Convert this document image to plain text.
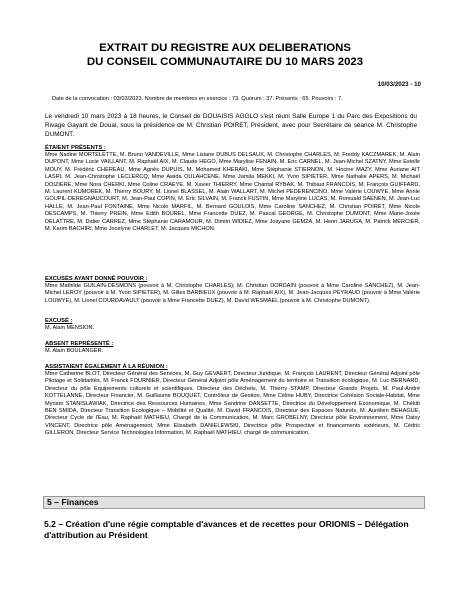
EXTRAIT DU REGISTRE AUX DELIBERATIONS

DU CONSEIL COMMUNAUTAIRE DU 10 MARS 2023

10/03/2023 - 10
Date de la convocation : 03/03/2023. Nombre de membres en exercice : 73. Quorum : 37. Présents : 65. Pouvoirs : 7.

Le vendredi 10 mars 2023 à 18 heures, le Conseil de DOUAISIS AGGLO s'est réuni Salle Europe 1 du Parc des Expositions du Rivage Gayant de Douai, sous la présidence de M. Christian POIRET, Président, avec pour Secrétaire de séance M. Christophe DUMONT.

ÉTAIENT PRÉSENTS :

Mme Nadine MORTELETTE, M. Bruno VANDEVILLE, Mme Lisiane DUBUS DELSAUX, M. Christophe CHARLES, M. Freddy KACZMAREK, M. Alain DUPONT, Mme Lucie VAILLANT, M. Raphaël AIX, M. Claude HEGO, Mme Marylise FENAIN, M. Eric CARNEL, M. Jean-Michel SZATNY, Mme Estelle MOUY, M. Frédéric CHEREAU, Mme Agnès DUPUIS, M. Mohamed KHERAKI, Mme Stéphanie STIERNON, M. Hocine MAZY, Mme Auriane AIT LASRI, M. Jean-Christophe LECLERCQ, Mme Awida OULAHCENE, Mme Jamila MEKKI, M. Yvon SIPIETER, Mme Nathalie APERS, M. Michaël DOIZIERE, Mme Nora CHERKI, Mme Coline CRAEYE, M. Xavier THIERRY, Mme Chantal RYBAK, M. Thibaut FRANCOIS, M. François GUIFFARD, M. Laurent KUMOREK, M. Thierry BOURY, M. Lionel BLASSEL, M. Alain WALLART, M. Michel PEDERENCINO, Mme Valérie LOUWYE, Mme Annie GOUPIL-DEREGNAUCOURT, M. Jean-Paul COPIN, M. Eric SILVAIN, M. Franck FUSTIN, Mme Maryline LUCAS, M. Romuald SAENEN, M. Jean-Luc HALLE, M. Jean-Paul FONTAINE, Mme Nicole MARFIL, M. Bernard GOULOIS, Mme Caroline SANCHEZ, M. Christian POIRET, Mme Nicole DESCAMPS, M. Thierry PREIN, Mme Edith BOUREL, Mme Francette DUEZ, M. Pascal GEORGE, M. Christophe DUMONT, Mme Marie-Josée DELATTRE, M. Didier CARREZ, Mme Stéphanie CARAMOUR, M. Dimitri WIDIEZ, Mme Josyane GEMZA, M. Henri JARUGA, M. Patrick MERCIER, M. Karim BACHIRI, Mme Jocelyne CHARLET, M. Jacques MICHON.

EXCUSÉS AYANT DONNÉ POUVOIR :

Mme Mathilde GUILAIN-DESMONS (pouvoir à M. Christophe CHARLES), M. Christian DORDAIN (pouvoir à Mme Caroline SANCHEZ), M. Jean-Michel LEROY (pouvoir à M. Yvon SIPIETER), M. Gilles BARBIEUX (pouvoir à M. Raphaël AIX), M. Jean-Jacques PEYRAUD (pouvoir à Mme Valérie LOUWYE), M. Lionel COURDAVAULT (pouvoir à Mme Francette DUEZ), M. David WESMAEL (pouvoir à M. Christophe DUMONT).

EXCUSÉ :

M. Alain MENSION.

ABSENT REPRÉSENTÉ :

M. Alain BOULANGER.

ASSISTAIENT ÉGALEMENT À LA RÉUNION :

Mme Catherine BLOT, Directeur Général des Services, M. Guy GEVAERT, Directeur Juridique, M. François LAURENT, Directeur Général Adjoint pôle Pilotage et Solidarités, M. Franck FOURNIER, Directeur Général Adjoint pôle Aménagement du territoire et Transition écologique, M. Luc BERNARD, Directeur du pôle Equipements culturels et scientifiques, Directeur des Déchets, M. Thierry STAMP, Directeur Grands Projets, M. Paul-André KOTTELANNE, Directeur Financier, M. Guillaume BOUQUET, Contrôleur de Gestion, Mme Céline HUBY, Directrice Cohésion Sociale-Habitat, Mme Myriam STANISLAWIAK, Directrice des Ressources Humaines, Mme Sandrine DANSETTE, Directrice du Développement Economique, M. Chékib BEN SMIDA, Directeur Transition Ecologique – Mobilité et Qualité, M. David FRANCOIS, Directeur des Espaces Naturels, M. Aurélien BEHAGUE, Directeur Cycle de l'Eau, M. Raphaël MATHIEU, Chargé de la Communication, M. Marc GROBELNY, Directeur pôle Environnement, Mme Daisy VINCENT, Directrice pôle Aménagement, Mme Elisabeth DANIELEWSKI, Directrice pôle Prospective et financements extérieurs, M. Cédric GILLERON, Directeur Service Technologies Information, M. Raphaël MATHIEU, chargé de communication.

5 – Finances

5.2 – Création d'une régie comptable d'avances et de recettes pour ORIONIS – Délégation d'attribution au Président
